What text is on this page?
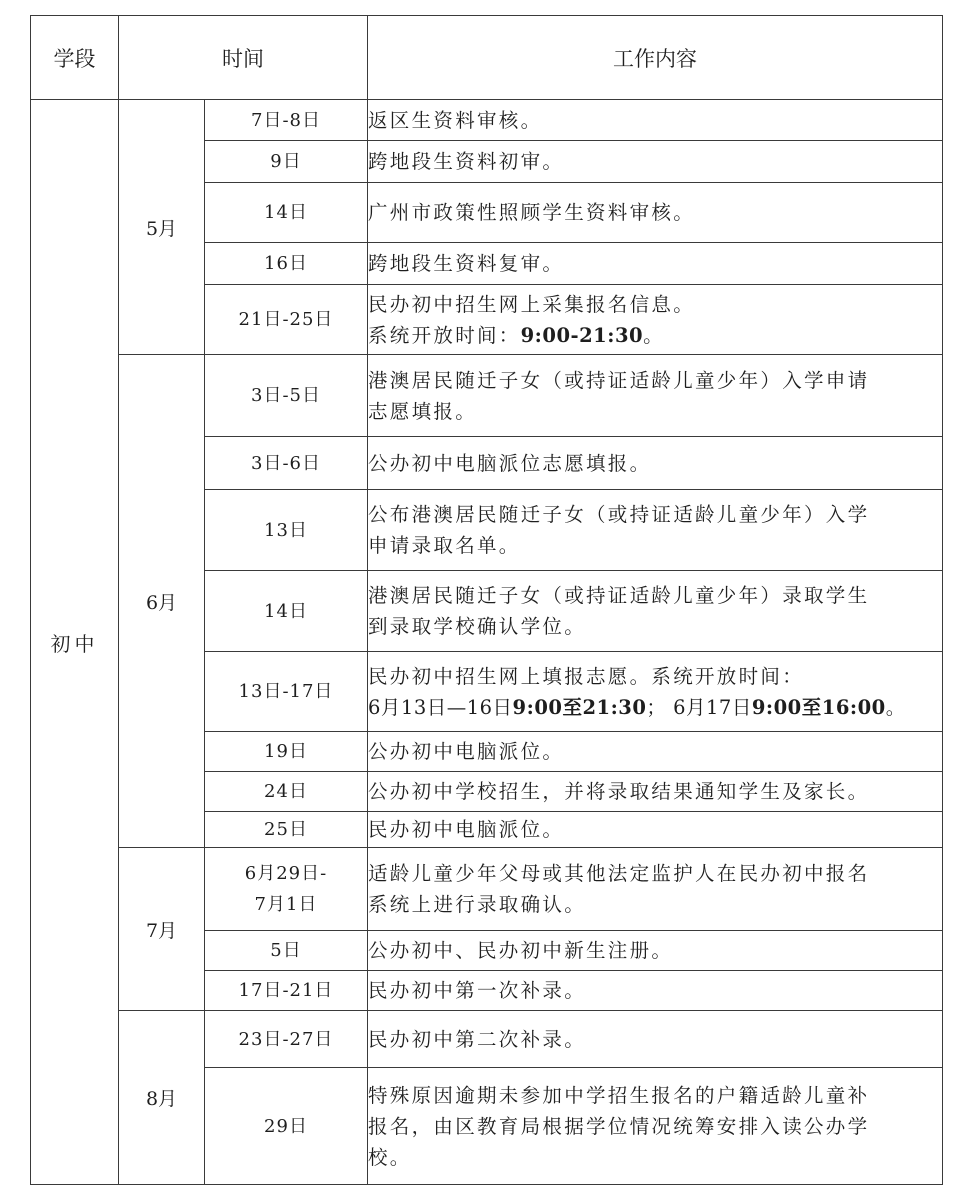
学段	时间		工作内容
初中	5月	7日-8日	返区生资料审核。

		9日	跨地段生资料初审。

		14日	广州市政策性照顾学生资料审核。

		16日	跨地段生资料复审。

		21日-25日	民办初中招生网上采集报名信息。
系统开放时间：9:00-21:30。

	6月	3日-5日	港澳居民随迁子女（或持证适龄儿童少年）入学申请
志愿填报。

		3日-6日	公办初中电脑派位志愿填报。

		13日	公布港澳居民随迁子女（或持证适龄儿童少年）入学
申请录取名单。

		14日	港澳居民随迁子女（或持证适龄儿童少年）录取学生
到录取学校确认学位。

		13日-17日	民办初中招生网上填报志愿。系统开放时间：
6月13日—16日9:00至21:30； 6月17日9:00至16:00。

		19日	公办初中电脑派位。

		24日	公办初中学校招生，并将录取结果通知学生及家长。

		25日	民办初中电脑派位。

	7月	6月29日-
7月1日	适龄儿童少年父母或其他法定监护人在民办初中报名
系统上进行录取确认。

		5日	公办初中、民办初中新生注册。

		17日-21日	民办初中第一次补录。

	8月	23日-27日	民办初中第二次补录。

		29日	特殊原因逾期未参加中学招生报名的户籍适龄儿童补
报名，由区教育局根据学位情况统筹安排入读公办学
校。
